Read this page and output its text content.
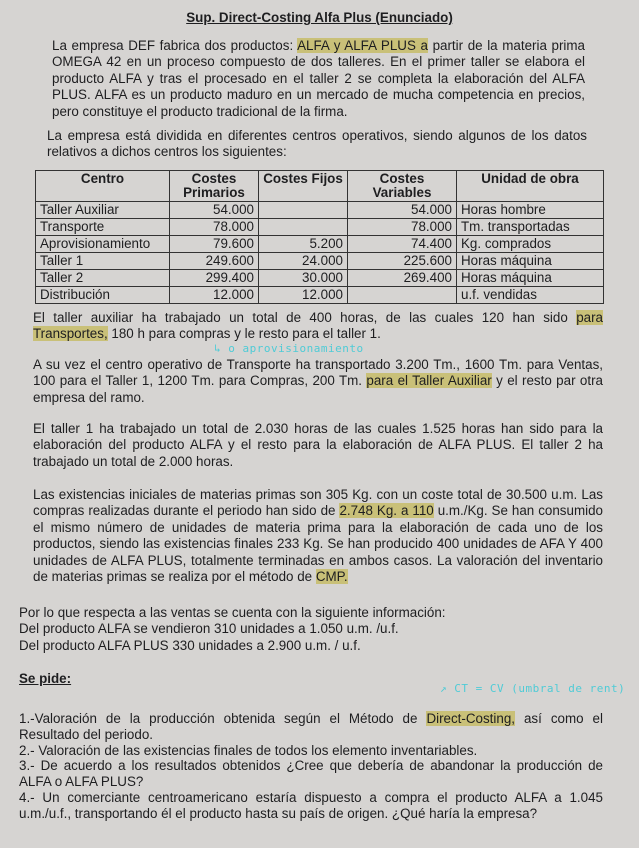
Sup. Direct-Costing Alfa Plus (Enunciado)
La empresa DEF fabrica dos productos: ALFA y ALFA PLUS a partir de la materia prima OMEGA 42 en un proceso compuesto de dos talleres. En el primer taller se elabora el producto ALFA y tras el procesado en el taller 2 se completa la elaboración del ALFA PLUS. ALFA es un producto maduro en un mercado de mucha competencia en precios, pero constituye el producto tradicional de la firma.
La empresa está dividida en diferentes centros operativos, siendo algunos de los datos relativos a dichos centros los siguientes:
Centro	Costes Primarios	Costes Fijos	Costes Variables	Unidad de obra
Taller Auxiliar	54.000		54.000	Horas hombre
Transporte	78.000		78.000	Tm. transportadas
Aprovisionamiento	79.600	5.200	74.400	Kg. comprados
Taller 1	249.600	24.000	225.600	Horas máquina
Taller 2	299.400	30.000	269.400	Horas máquina
Distribución	12.000	12.000		u.f. vendidas
El taller auxiliar ha trabajado un total de 400 horas, de las cuales 120 han sido para Transportes, 180 h para compras y le resto para el taller 1.
↳ o aprovisionamiento
A su vez el centro operativo de Transporte ha transportado 3.200 Tm., 1600 Tm. para Ventas, 100 para el Taller 1, 1200 Tm. para Compras, 200 Tm. para el Taller Auxiliar y el resto par otra empresa del ramo.
El taller 1 ha trabajado un total de 2.030 horas de las cuales 1.525 horas han sido para la elaboración del producto ALFA y el resto para la elaboración de ALFA PLUS. El taller 2 ha trabajado un total de 2.000 horas.
Las existencias iniciales de materias primas son 305 Kg. con un coste total de 30.500 u.m. Las compras realizadas durante el periodo han sido de 2.748 Kg. a 110 u.m./Kg. Se han consumido el mismo número de unidades de materia prima para la elaboración de cada uno de los productos, siendo las existencias finales 233 Kg. Se han producido 400 unidades de AFA Y 400 unidades de ALFA PLUS, totalmente terminadas en ambos casos. La valoración del inventario de materias primas se realiza por el método de CMP.
Por lo que respecta a las ventas se cuenta con la siguiente información:
Del producto ALFA se vendieron 310 unidades a 1.050 u.m. /u.f.
Del producto ALFA PLUS 330 unidades a 2.900 u.m. / u.f.
Se pide:
↗ CT = CV (umbral de rent)
1.-Valoración de la producción obtenida según el Método de Direct-Costing, así como el Resultado del periodo.
2.- Valoración de las existencias finales de todos los elemento inventariables.
3.- De acuerdo a los resultados obtenidos ¿Cree que debería de abandonar la producción de ALFA o ALFA PLUS?
4.- Un comerciante centroamericano estaría dispuesto a compra el producto ALFA a 1.045 u.m./u.f., transportando él el producto hasta su país de origen. ¿Qué haría la empresa?
